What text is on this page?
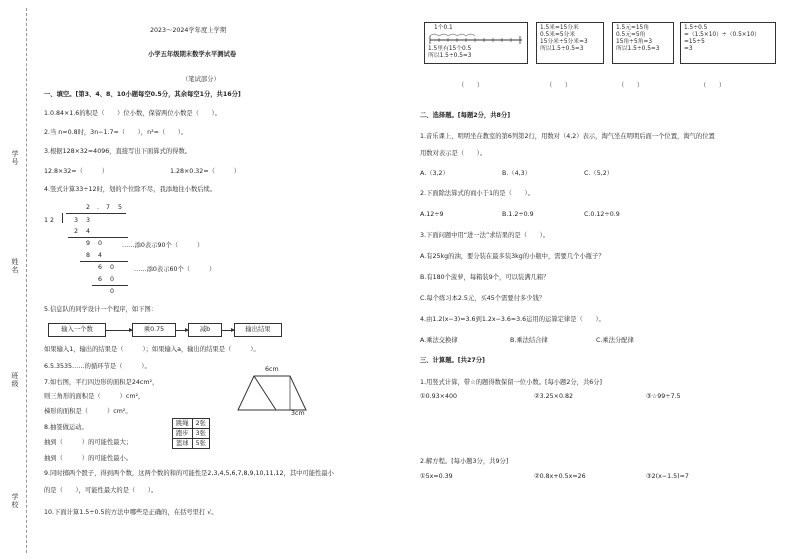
学号
姓名
班级
学校
2023～2024学年度上学期
小学五年级期末数学水平测试卷
（笔试部分）
一、填空。[第3、4、8、10小题每空0.5分，其余每空1分，共16分]
1.0.84×1.6的积是（　　）位小数，保留两位小数是（　　）。
2.当 n=0.8时，3n−1.7=（　　），n²=（　　）。
3.根据128×32=4096，直接写出下面算式的得数。
12.8×32=（　　　）	1.28×0.32=（　　　）
4.竖式计算33÷12时，划的个位除不尽，我添地往小数后续。
2 . 7 5
1 2	3 3
2 4
9 0	……添0表示90个（　　　）
8 4
6 0	……添0表示60个（　　　）
6 0
0
5.信息队的同学设计一个程序，如下图：
输入一个数	乘0.75	减b	输出结果
如果输入1，输出的结果是（　　　）；如果输入a，输出的结果是（　　　）。
6.5.3535……的循环节是（　　　）。
7.如右图，平行四边形的面积是24cm²，
则三角形的面积是（　　　）cm²，
梯形的面积是（　　　）cm²。
6cm
3cm
8.抽签做运动。
抽到（　　　）的可能性最大；
抽到（　　　）的可能性最小。
跳绳	2张
跑步	3张
篮球	5张
9.同时掷两个骰子，得到两个数，这两个数的和的可能性是2,3,4,5,6,7,8,9,10,11,12，其中可能性最小
的是（　　），可能性最大的是（　　）。
10.下面计算1.5÷0.5的方法中哪些是正确的，在括号里打 √。
1个0.1
1.5里有15个0.5
所以1.5÷0.5=3
1.5米=15分米
0.5米=5分米
15分米÷5分米=3
所以1.5÷0.5=3
1.5元=15角
0.5元=5角
15角÷5角=3
所以1.5÷0.5=3
1.5÷0.5
=（1.5×10）÷（0.5×10）
=15÷5
=3
（　　）	（　　）	（　　）	（　　）
二、选择题。[每题2分，共8分]
1.音乐课上，明明坐在教室的第6列第2行，用数对（4,2）表示，淘气坐在明明后面一个位置，淘气的位置
用数对表示是（　　）。
A.（3,2）	B.（4,3）	C.（5,2）
2.下面除法算式的商小于1的是（　　）。
A.12÷9	B.1.2÷0.9	C.0.12÷0.9
3.下面问题中用“进一法”求结果的是（　　）。
A.有25kg的油，要分装在最多装3kg的小瓶中，需要几个小瓶子？
B.有180个菠萝，每箱装9个，可以装满几箱？
C.每个练习本2.5元，买45个需要付多少钱？
4.由1.2(x−3)=3.6到1.2x−3.6=3.6运用的运算定律是（　　）。
A.乘法交换律	B.乘法结合律	C.乘法分配律
三、计算题。[共27分]
1.用竖式计算，带☆的题得数保留一位小数。[每小题2分，共6分]
①0.93×400	②3.25×0.82	③☆99÷7.5
2.解方程。[每小题3分，共9分]
①5x=0.39	②0.8x+0.5x=26	③2(x−1.5)=7
